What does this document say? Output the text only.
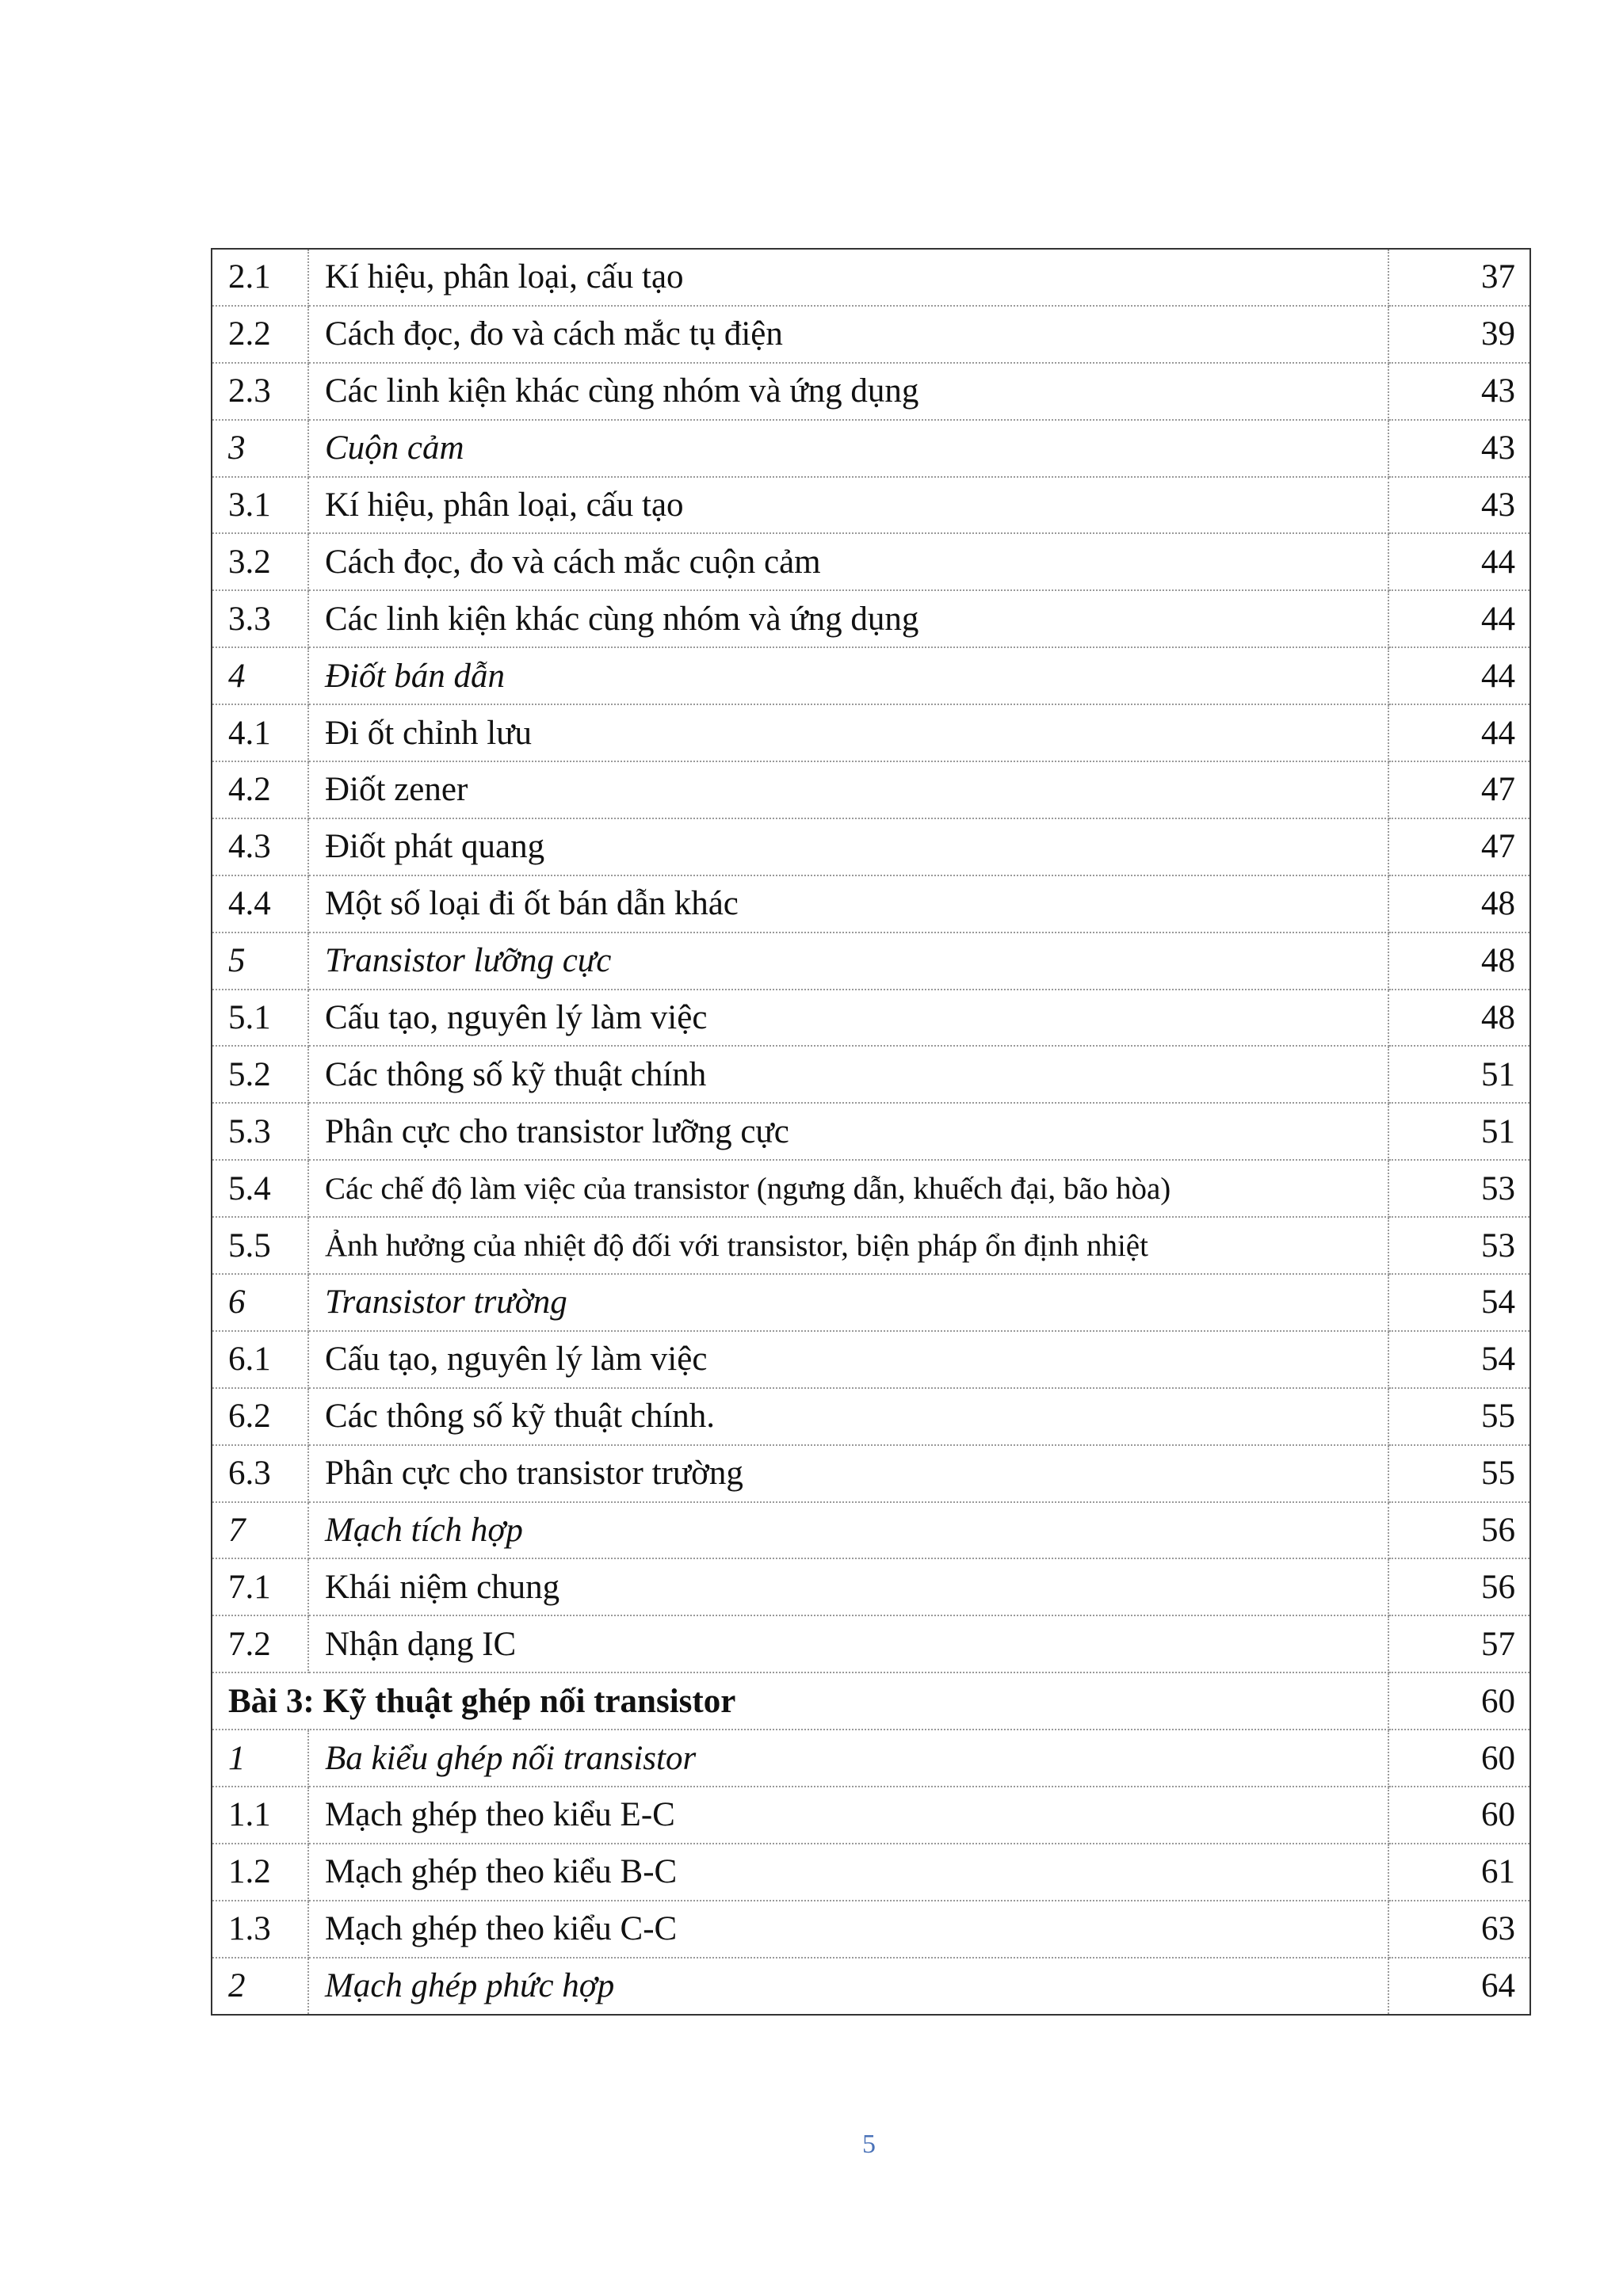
2.1	Kí hiệu, phân loại, cấu tạo	37
2.2	Cách đọc, đo và cách mắc tụ điện	39
2.3	Các linh kiện khác cùng nhóm và ứng dụng	43
3	Cuộn cảm	43
3.1	Kí hiệu, phân loại, cấu tạo	43
3.2	Cách đọc, đo và cách mắc cuộn cảm	44
3.3	Các linh kiện khác cùng nhóm và ứng dụng	44
4	Điốt bán dẫn	44
4.1	Đi ốt chỉnh lưu	44
4.2	Điốt zener	47
4.3	Điốt phát quang	47
4.4	Một số loại đi ốt bán dẫn khác	48
5	Transistor lưỡng cực	48
5.1	Cấu tạo, nguyên lý làm việc	48
5.2	Các thông số kỹ thuật chính	51
5.3	Phân cực cho transistor lưỡng cực	51
5.4	Các chế độ làm việc của transistor (ngưng dẫn, khuếch đại, bão hòa)	53
5.5	Ảnh hưởng của nhiệt độ đối với transistor, biện pháp ổn định nhiệt	53
6	Transistor trường	54
6.1	Cấu tạo, nguyên lý làm việc	54
6.2	Các thông số kỹ thuật chính.	55
6.3	Phân cực cho transistor trường	55
7	Mạch tích hợp	56
7.1	Khái niệm chung	56
7.2	Nhận dạng IC	57
Bài 3: Kỹ thuật ghép nối transistor		60
1	Ba kiểu ghép nối transistor	60
1.1	Mạch ghép theo kiểu E-C	60
1.2	Mạch ghép theo kiểu B-C	61
1.3	Mạch ghép theo kiểu C-C	63
2	Mạch ghép phức hợp	64
5
